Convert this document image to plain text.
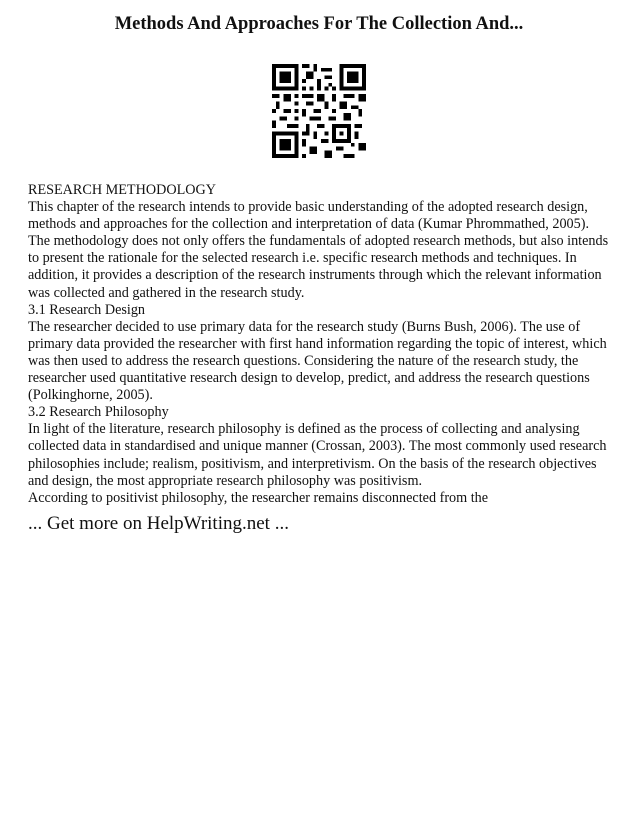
Methods And Approaches For The Collection And...

RESEARCH METHODOLOGY

This chapter of the research intends to provide basic understanding of the adopted research design, methods and approaches for the collection and interpretation of data (Kumar Phrommathed, 2005). The methodology does not only offers the fundamentals of adopted research methods, but also intends to present the rationale for the selected research i.e. specific research methods and techniques. In addition, it provides a description of the research instruments through which the relevant information was collected and gathered in the research study.

3.1 Research Design

The researcher decided to use primary data for the research study (Burns Bush, 2006). The use of primary data provided the researcher with first hand information regarding the topic of interest, which was then used to address the research questions. Considering the nature of the research study, the researcher used quantitative research design to develop, predict, and address the research questions (Polkinghorne, 2005).

3.2 Research Philosophy

In light of the literature, research philosophy is defined as the process of collecting and analysing collected data in standardised and unique manner (Crossan, 2003). The most commonly used research philosophies include; realism, positivism, and interpretivism. On the basis of the research objectives and design, the most appropriate research philosophy was positivism.

According to positivist philosophy, the researcher remains disconnected from the

... Get more on HelpWriting.net ...
